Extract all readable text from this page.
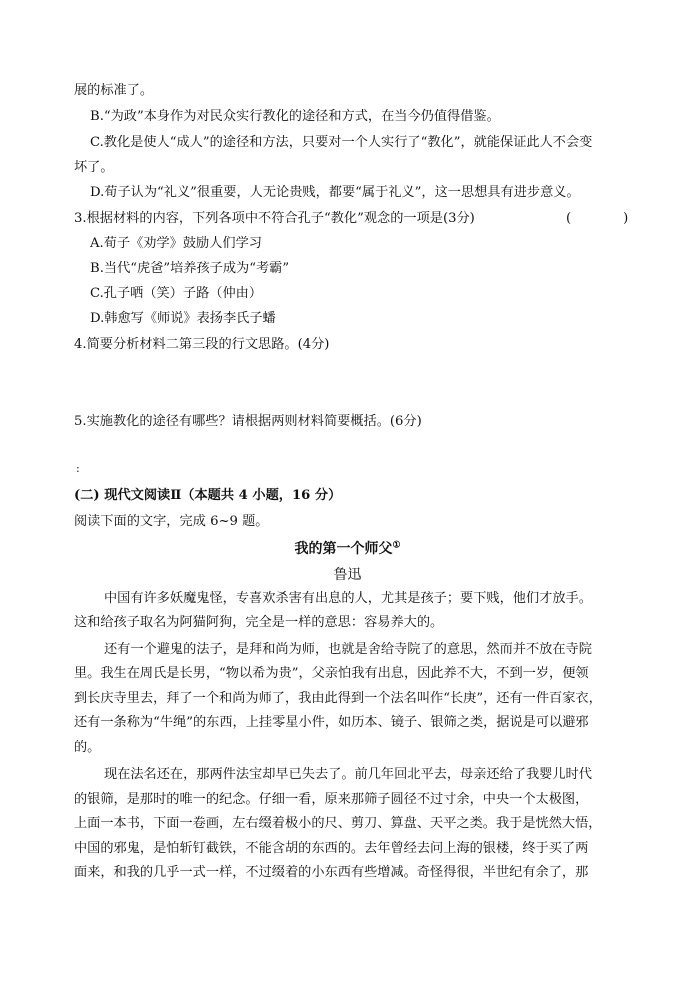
展的标准了。
B.“为政”本身作为对民众实行教化的途径和方式，在当今仍值得借鉴。
C.教化是使人“成人”的途径和方法，只要对一个人实行了“教化”，就能保证此人不会变
坏了。
D.荀子认为“礼义”很重要，人无论贵贱，都要“属于礼义”，这一思想具有进步意义。
3.根据材料的内容，下列各项中不符合孔子“教化”观念的一项是(3分)	(	)
A.荀子《劝学》鼓励人们学习
B.当代“虎爸”培养孩子成为“考霸”
C.孔子哂（笑）子路（仲由）
D.韩愈写《师说》表扬李氏子蟠
4.简要分析材料二第三段的行文思路。(4分)
5.实施教化的途径有哪些？请根据两则材料简要概括。(6分)
:
(二) 现代文阅读Ⅱ（本题共 4 小题，16 分）
阅读下面的文字，完成 6~9 题。
我的第一个师父①
鲁迅
中国有许多妖魔鬼怪，专喜欢杀害有出息的人，尤其是孩子；要下贱，他们才放手。
这和给孩子取名为阿猫阿狗，完全是一样的意思：容易养大的。
还有一个避鬼的法子，是拜和尚为师，也就是舍给寺院了的意思，然而并不放在寺院
里。我生在周氏是长男，“物以希为贵”，父亲怕我有出息，因此养不大，不到一岁，便领
到长庆寺里去，拜了一个和尚为师了，我由此得到一个法名叫作“长庚”，还有一件百家衣，
还有一条称为“牛绳”的东西，上挂零星小件，如历本、镜子、银筛之类，据说是可以避邪
的。
现在法名还在，那两件法宝却早已失去了。前几年回北平去，母亲还给了我婴儿时代
的银筛，是那时的唯一的纪念。仔细一看，原来那筛子圆径不过寸余，中央一个太极图，
上面一本书，下面一卷画，左右缀着极小的尺、剪刀、算盘、天平之类。我于是恍然大悟，
中国的邪鬼，是怕斩钉截铁，不能含胡的东西的。去年曾经去问上海的银楼，终于买了两
面来，和我的几乎一式一样，不过缀着的小东西有些增减。奇怪得很，半世纪有余了，那
